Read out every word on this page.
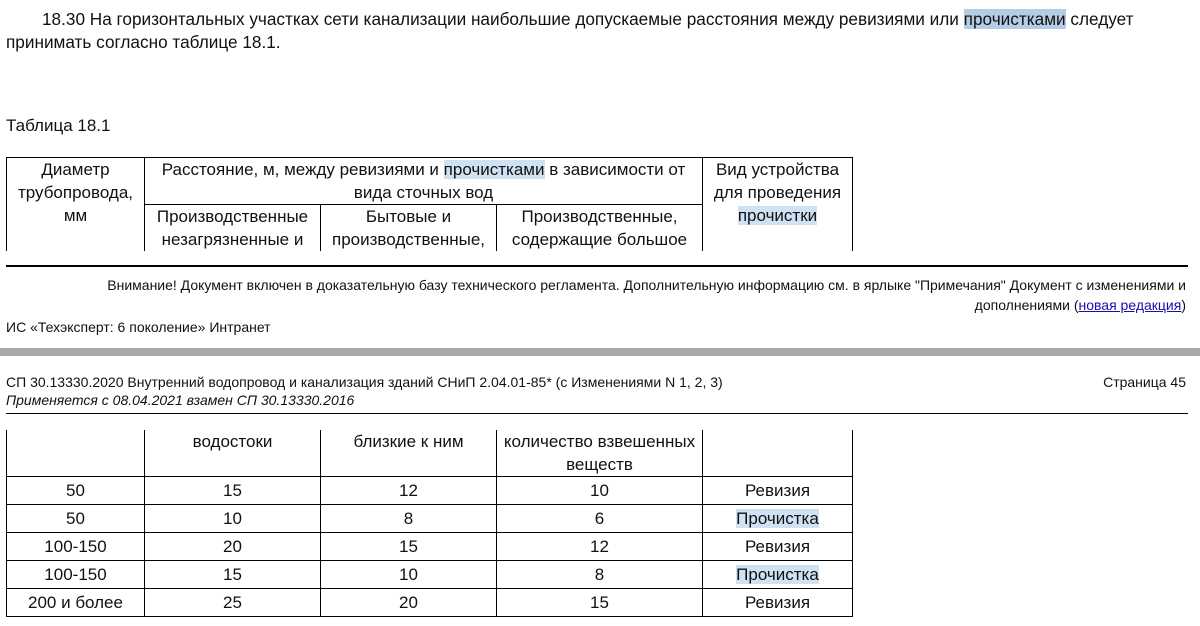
18.30 На горизонтальных участках сети канализации наибольшие допускаемые расстояния между ревизиями или прочистками следует принимать согласно таблице 18.1.

Таблица 18.1
Диаметр трубопровода, мм	Расстояние, м, между ревизиями и прочистками в зависимости от вида сточных вод			Вид устройства для проведения
прочистки
	Производственные незагрязненные и	Бытовые и производственные,	Производственные, содержащие большое	
Внимание! Документ включен в доказательную базу технического регламента. Дополнительную информацию см. в ярлыке "Примечания" Документ с изменениями и дополнениями (новая редакция)
ИС «Техэксперт: 6 поколение» Интранет
СП 30.13330.2020 Внутренний водопровод и канализация зданий СНиП 2.04.01-85* (с Изменениями N 1, 2, 3)
Применяется с 08.04.2021 взамен СП 30.13330.2016
Страница 45
	водостоки	близкие к ним	количество взвешенных веществ	
50	15	12	10	Ревизия
50	10	8	6	Прочистка
100-150	20	15	12	Ревизия
100-150	15	10	8	Прочистка
200 и более	25	20	15	Ревизия
